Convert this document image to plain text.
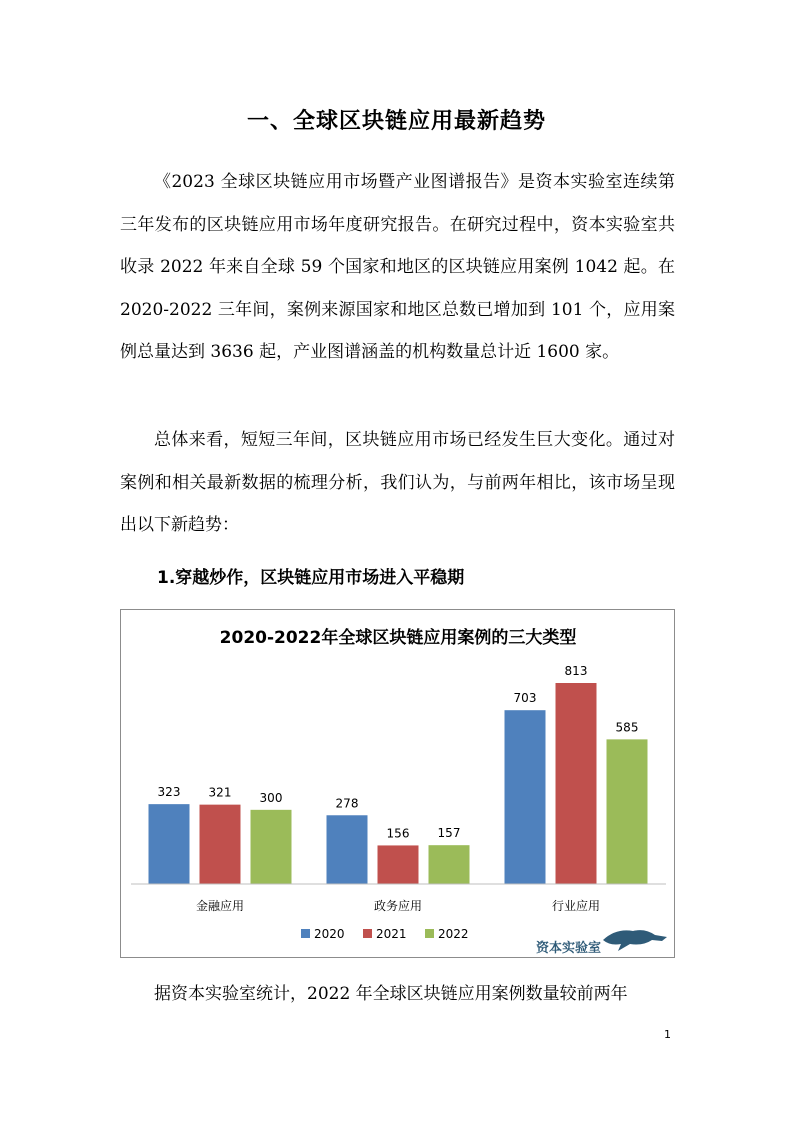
一、全球区块链应用最新趋势

《2023 全球区块链应用市场暨产业图谱报告》是资本实验室连续第三年发布的区块链应用市场年度研究报告。在研究过程中，资本实验室共收录 2022 年来自全球 59 个国家和地区的区块链应用案例 1042 起。在 2020-2022 三年间，案例来源国家和地区总数已增加到 101 个，应用案例总量达到 3636 起，产业图谱涵盖的机构数量总计近 1600 家。

总体来看，短短三年间，区块链应用市场已经发生巨大变化。通过对案例和相关最新数据的梳理分析，我们认为，与前两年相比，该市场呈现出以下新趋势：

1.穿越炒作，区块链应用市场进入平稳期
2020-2022年全球区块链应用案例的三大类型
323 321 300	278
156 157
703
813
585
金融应用	政务应用	行业应用
2020	2021	2022
资本实验室

据资本实验室统计，2022 年全球区块链应用案例数量较前两年

1
